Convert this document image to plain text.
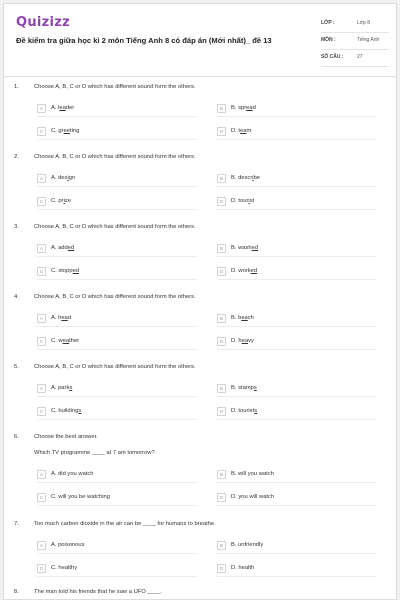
Quizizz
Đề kiểm tra giữa học kì 2 môn Tiếng Anh 8 có đáp án (Mới nhất)_ đề 13
LỚP :	Lớp 8
MÔN :	Tiếng Anh
SỐ CÂU :	27
1.	Choose A, B, C or D which has different sound form the others.
A	A. leader	B	B. spread
C	C. greeting	D	D. team
2.	Choose A, B, C or D which has different sound form the others.
A	A. design	B	B. describe
C	C. prize	D	D. tourist
3.	Choose A, B, C or D which has different sound form the others.
A	A. added	B	B. washed
C	C. stopped	D	D. worked
4.	Choose A, B, C or D which has different sound form the others.
A	A. head	B	B. beach
C	C. weather	D	D. heavy
5.	Choose A, B, C or D which has different sound form the others.
A	A. parks	B	B. stamps
C	C. buildings	D	D. tourists
6.	Choose the best answer.
Which TV programme ____ at 7 am tomorrow?
A	A. did you watch	B	B. will you watch
C	C. will you be watching	D	D. you will watch
7.	Too much carbon dioxide in the air can be ____ for humans to breathe.
A	A. poisonous	B	B. unfriendly
C	C. healthy	D	D. health
8.	The man told his friends that he saw a UFO ____.
